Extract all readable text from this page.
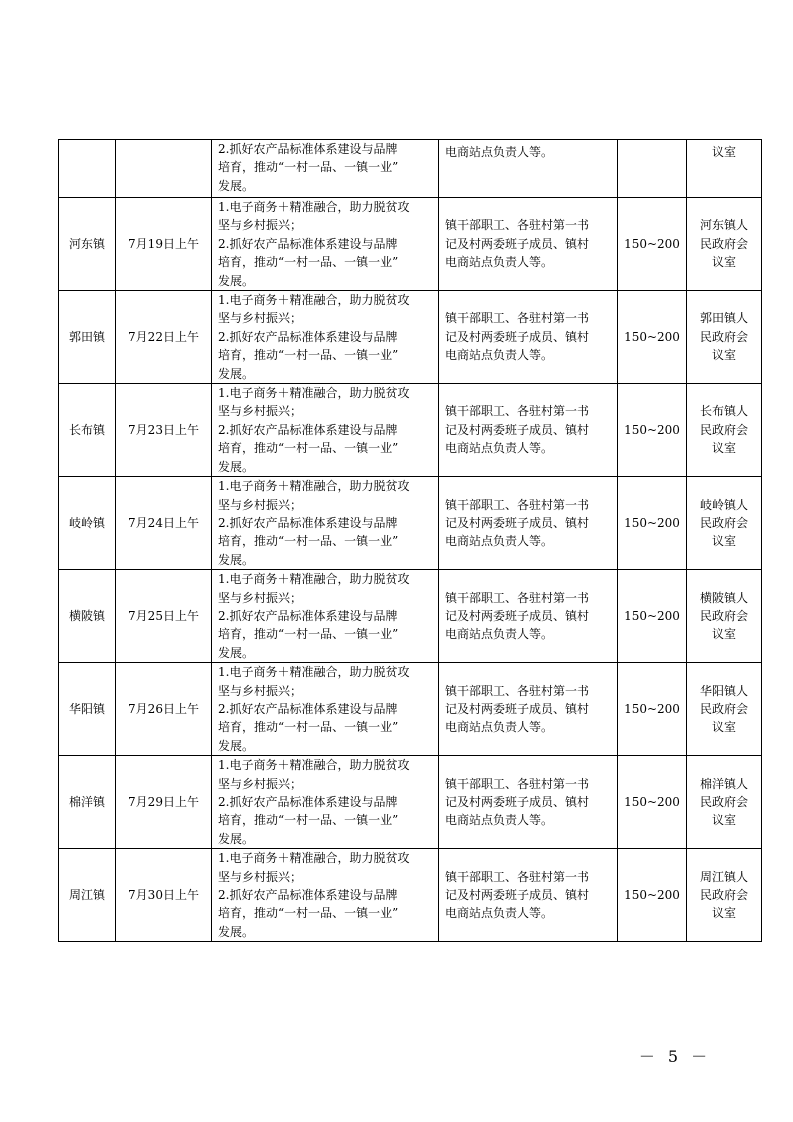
		2.抓好农产品标准体系建设与品牌
培育，推动“一村一品、一镇一业”
发展。	电商站点负责人等。		议室

河东镇	7月19日上午	1.电子商务＋精准融合，助力脱贫攻
坚与乡村振兴；
2.抓好农产品标准体系建设与品牌
培育，推动“一村一品、一镇一业”
发展。	镇干部职工、各驻村第一书
记及村两委班子成员、镇村
电商站点负责人等。	150~200	河东镇人
民政府会
议室

郭田镇	7月22日上午	1.电子商务＋精准融合，助力脱贫攻
坚与乡村振兴；
2.抓好农产品标准体系建设与品牌
培育，推动“一村一品、一镇一业”
发展。	镇干部职工、各驻村第一书
记及村两委班子成员、镇村
电商站点负责人等。	150~200	郭田镇人
民政府会
议室

长布镇	7月23日上午	1.电子商务＋精准融合，助力脱贫攻
坚与乡村振兴；
2.抓好农产品标准体系建设与品牌
培育，推动“一村一品、一镇一业”
发展。	镇干部职工、各驻村第一书
记及村两委班子成员、镇村
电商站点负责人等。	150~200	长布镇人
民政府会
议室

岐岭镇	7月24日上午	1.电子商务＋精准融合，助力脱贫攻
坚与乡村振兴；
2.抓好农产品标准体系建设与品牌
培育，推动“一村一品、一镇一业”
发展。	镇干部职工、各驻村第一书
记及村两委班子成员、镇村
电商站点负责人等。	150~200	岐岭镇人
民政府会
议室

横陂镇	7月25日上午	1.电子商务＋精准融合，助力脱贫攻
坚与乡村振兴；
2.抓好农产品标准体系建设与品牌
培育，推动“一村一品、一镇一业”
发展。	镇干部职工、各驻村第一书
记及村两委班子成员、镇村
电商站点负责人等。	150~200	横陂镇人
民政府会
议室

华阳镇	7月26日上午	1.电子商务＋精准融合，助力脱贫攻
坚与乡村振兴；
2.抓好农产品标准体系建设与品牌
培育，推动“一村一品、一镇一业”
发展。	镇干部职工、各驻村第一书
记及村两委班子成员、镇村
电商站点负责人等。	150~200	华阳镇人
民政府会
议室

棉洋镇	7月29日上午	1.电子商务＋精准融合，助力脱贫攻
坚与乡村振兴；
2.抓好农产品标准体系建设与品牌
培育，推动“一村一品、一镇一业”
发展。	镇干部职工、各驻村第一书
记及村两委班子成员、镇村
电商站点负责人等。	150~200	棉洋镇人
民政府会
议室

周江镇	7月30日上午	1.电子商务＋精准融合，助力脱贫攻
坚与乡村振兴；
2.抓好农产品标准体系建设与品牌
培育，推动“一村一品、一镇一业”
发展。	镇干部职工、各驻村第一书
记及村两委班子成员、镇村
电商站点负责人等。	150~200	周江镇人
民政府会
议室
－ 5 －
